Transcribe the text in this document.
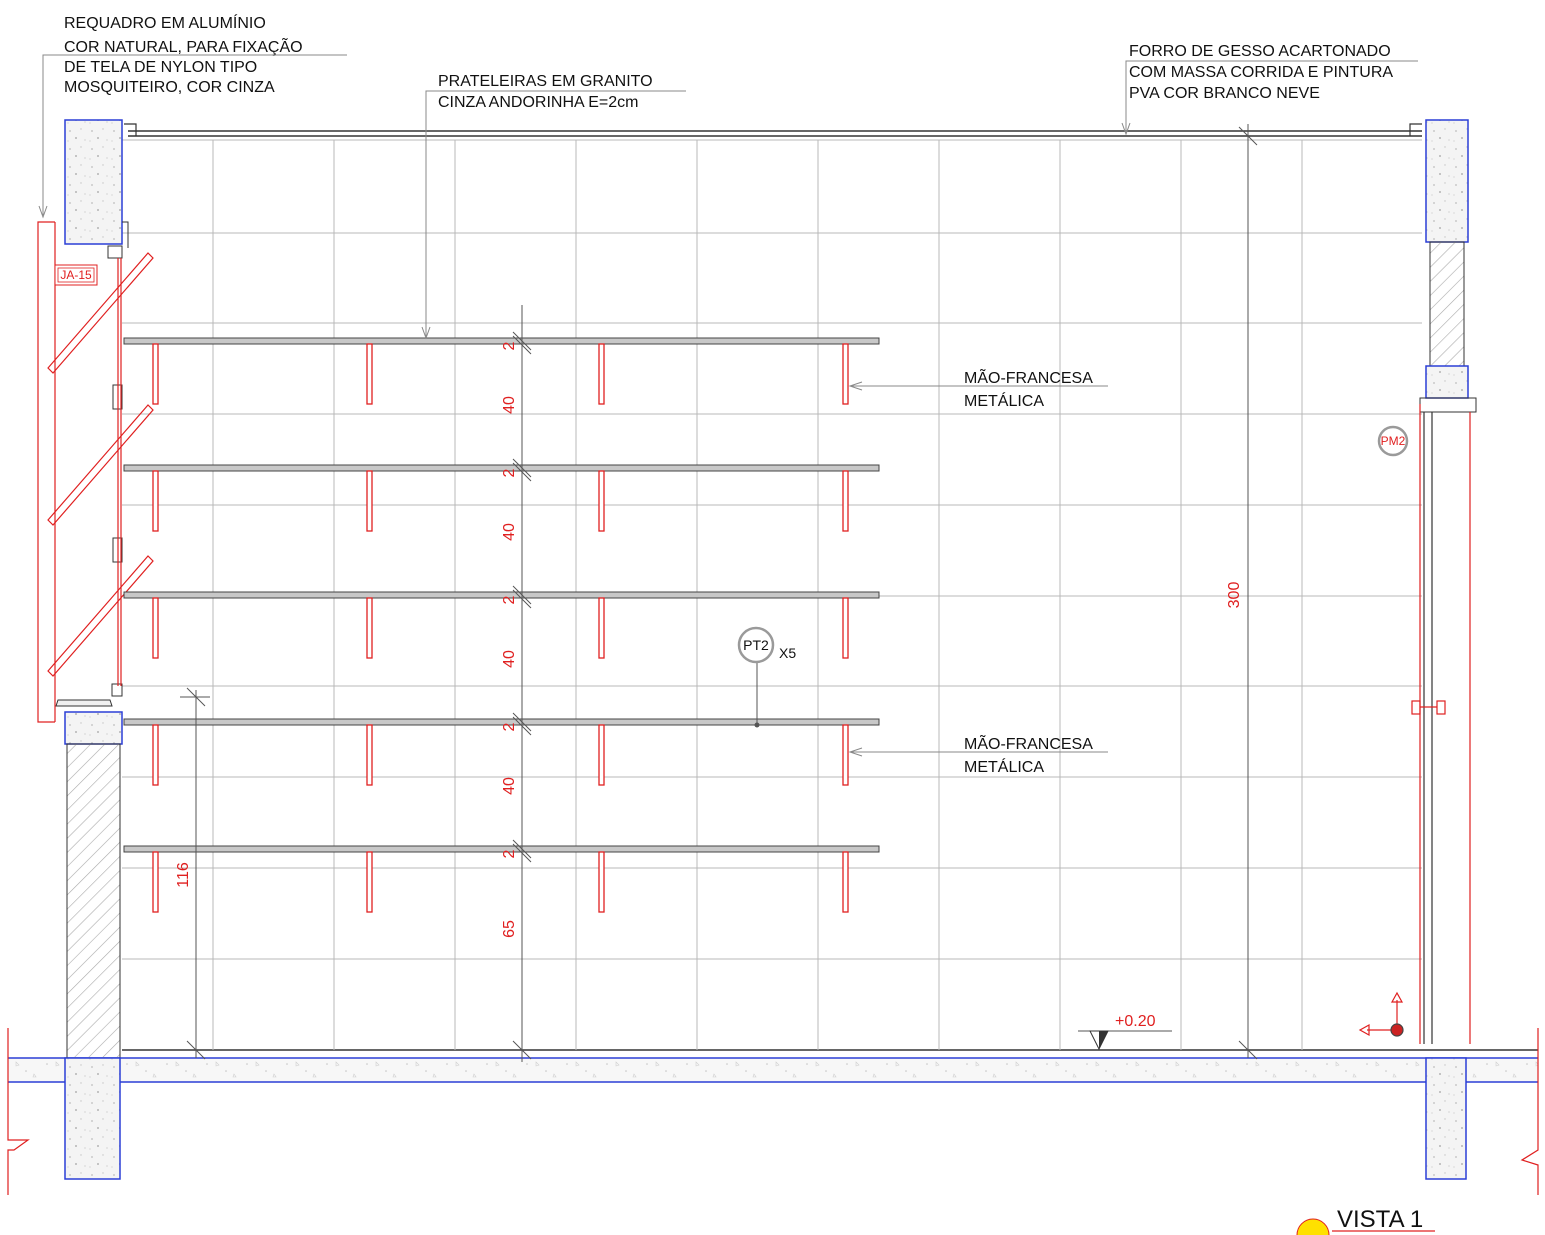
JA-15
PM2
2
2
2
2
2
40
40
40
40
65
116
300
+0.20
PT2 X5
REQUADRO EM ALUMÍNIO
COR NATURAL, PARA FIXAÇÃO
DE TELA DE NYLON TIPO
MOSQUITEIRO, COR CINZA	PRATELEIRAS EM GRANITO
CINZA ANDORINHA E=2cm
FORRO DE GESSO ACARTONADO
COM MASSA CORRIDA E PINTURA
PVA COR BRANCO NEVE
MÃO-FRANCESA
METÁLICA
MÃO-FRANCESA
METÁLICA
VISTA 1
